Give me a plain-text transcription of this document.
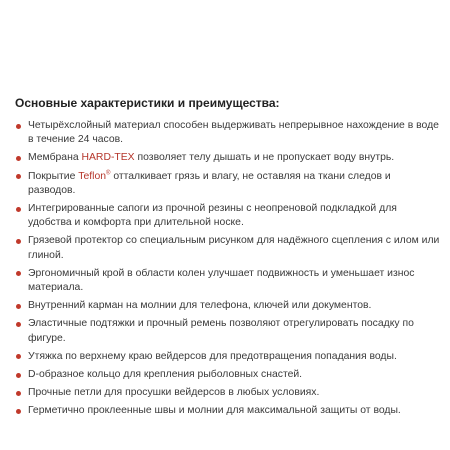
Основные характеристики и преимущества:
Четырёхслойный материал способен выдерживать непрерывное нахождение в воде в течение 24 часов.
Мембрана HARD-TEX позволяет телу дышать и не пропускает воду внутрь.
Покрытие Teflon® отталкивает грязь и влагу, не оставляя на ткани следов и разводов.
Интегрированные сапоги из прочной резины с неопреновой подкладкой для удобства и комфорта при длительной носке.
Грязевой протектор со специальным рисунком для надёжного сцепления с илом или глиной.
Эргономичный крой в области колен улучшает подвижность и уменьшает износ материала.
Внутренний карман на молнии для телефона, ключей или документов.
Эластичные подтяжки и прочный ремень позволяют отрегулировать посадку по фигуре.
Утяжка по верхнему краю вейдерсов для предотвращения попадания воды.
D-образное кольцо для крепления рыболовных снастей.
Прочные петли для просушки вейдерсов в любых условиях.
Герметично проклеенные швы и молнии для максимальной защиты от воды.
